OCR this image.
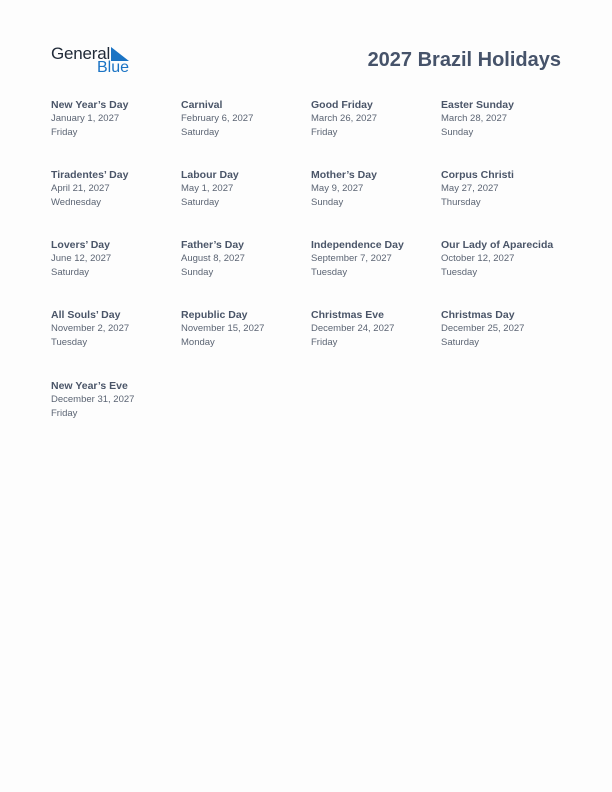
General
Blue	2027 Brazil Holidays
New Year’s Day
January 1, 2027
Friday
Carnival
February 6, 2027
Saturday
Good Friday
March 26, 2027
Friday
Easter Sunday
March 28, 2027
Sunday
Tiradentes’ Day
April 21, 2027
Wednesday
Labour Day
May 1, 2027
Saturday
Mother’s Day
May 9, 2027
Sunday
Corpus Christi
May 27, 2027
Thursday
Lovers’ Day
June 12, 2027
Saturday
Father’s Day
August 8, 2027
Sunday
Independence Day
September 7, 2027
Tuesday
Our Lady of Aparecida
October 12, 2027
Tuesday
All Souls’ Day
November 2, 2027
Tuesday
Republic Day
November 15, 2027
Monday
Christmas Eve
December 24, 2027
Friday
Christmas Day
December 25, 2027
Saturday
New Year’s Eve
December 31, 2027
Friday
